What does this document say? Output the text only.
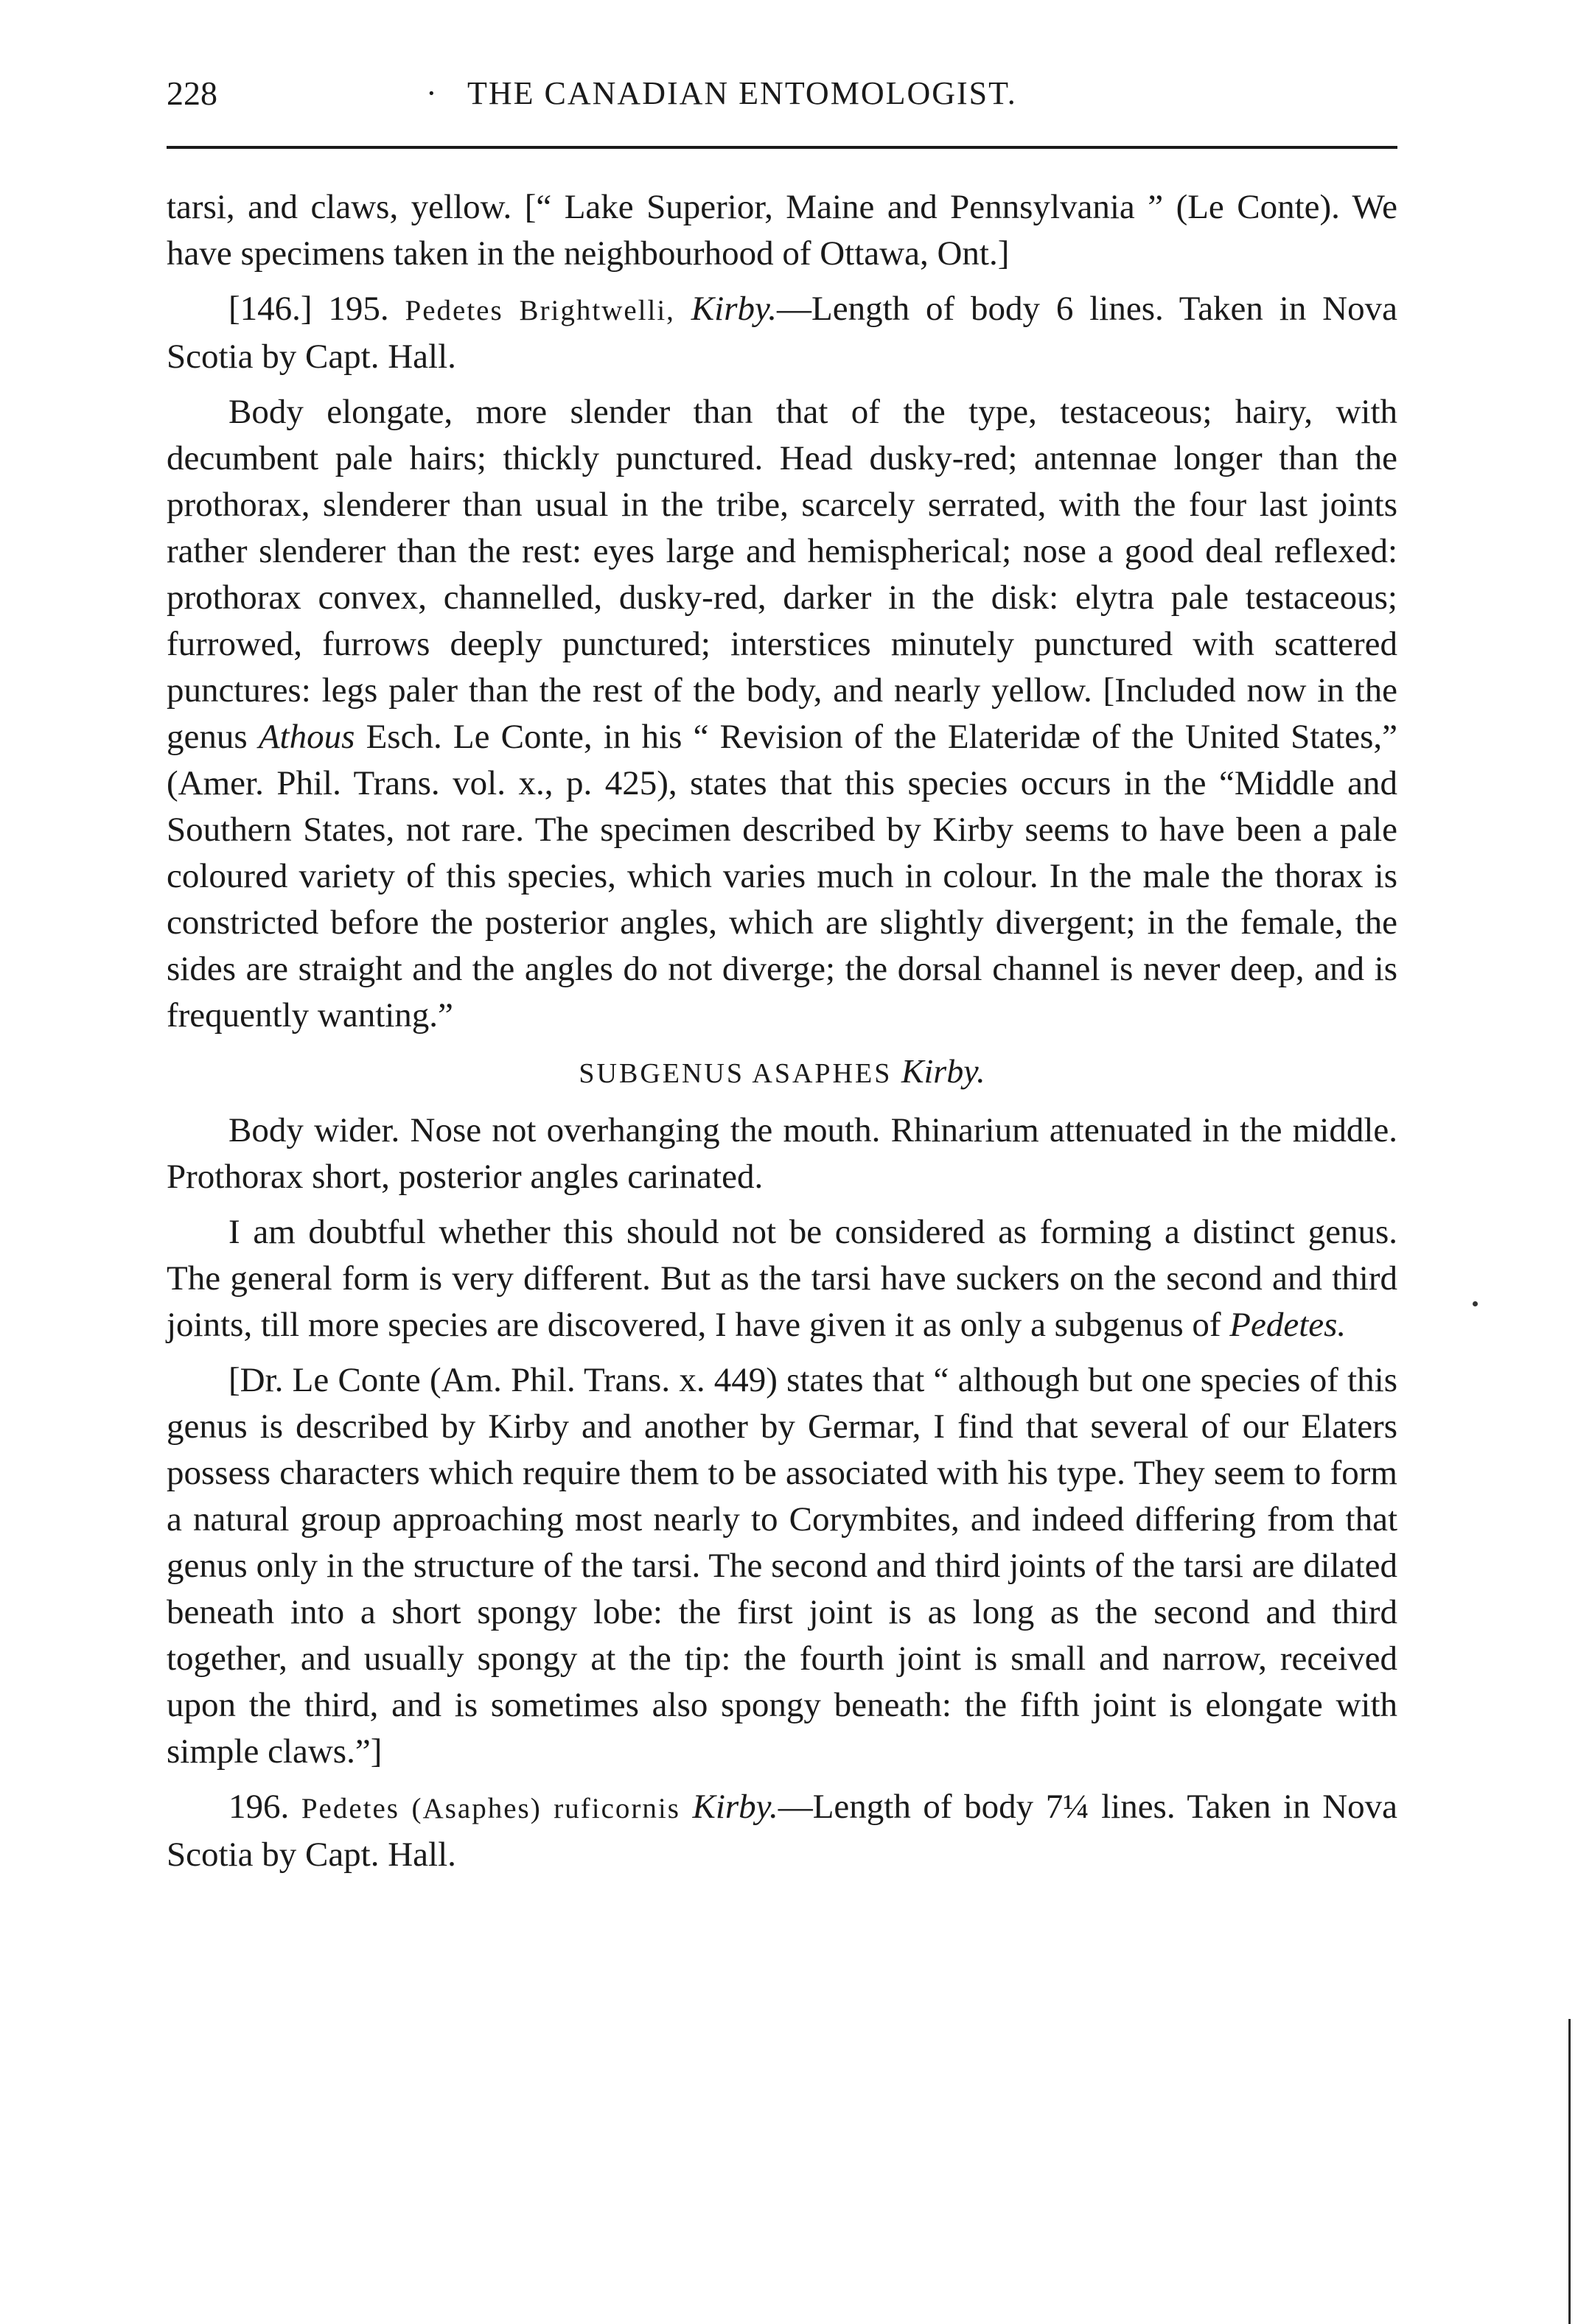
228	· THE CANADIAN ENTOMOLOGIST.

tarsi, and claws, yellow. [“ Lake Superior, Maine and Pennsylvania ” (Le Conte). We have specimens taken in the neighbourhood of Ottawa, Ont.]

[146.] 195. Pedetes Brightwelli, Kirby.—Length of body 6 lines. Taken in Nova Scotia by Capt. Hall.

Body elongate, more slender than that of the type, testaceous; hairy, with decumbent pale hairs; thickly punctured. Head dusky-red; antennae longer than the prothorax, slenderer than usual in the tribe, scarcely serrated, with the four last joints rather slenderer than the rest: eyes large and hemispherical; nose a good deal reflexed: prothorax convex, channelled, dusky-red, darker in the disk: elytra pale testaceous; furrowed, furrows deeply punctured; interstices minutely punctured with scattered punctures: legs paler than the rest of the body, and nearly yellow. [Included now in the genus Athous Esch. Le Conte, in his “ Revision of the Elateridæ of the United States,” (Amer. Phil. Trans. vol. x., p. 425), states that this species occurs in the “Middle and Southern States, not rare. The specimen described by Kirby seems to have been a pale coloured variety of this species, which varies much in colour. In the male the thorax is constricted before the posterior angles, which are slightly divergent; in the female, the sides are straight and the angles do not diverge; the dorsal channel is never deep, and is frequently wanting.”

SUBGENUS ASAPHES Kirby.

Body wider. Nose not overhanging the mouth. Rhinarium attenuated in the middle. Prothorax short, posterior angles carinated.

I am doubtful whether this should not be considered as forming a distinct genus. The general form is very different. But as the tarsi have suckers on the second and third joints, till more species are discovered, I have given it as only a subgenus of Pedetes.

[Dr. Le Conte (Am. Phil. Trans. x. 449) states that “ although but one species of this genus is described by Kirby and another by Germar, I find that several of our Elaters possess characters which require them to be associated with his type. They seem to form a natural group approaching most nearly to Corymbites, and indeed differing from that genus only in the structure of the tarsi. The second and third joints of the tarsi are dilated beneath into a short spongy lobe: the first joint is as long as the second and third together, and usually spongy at the tip: the fourth joint is small and narrow, received upon the third, and is sometimes also spongy beneath: the fifth joint is elongate with simple claws.”]

196. Pedetes (Asaphes) ruficornis Kirby.—Length of body 7¼ lines. Taken in Nova Scotia by Capt. Hall.
